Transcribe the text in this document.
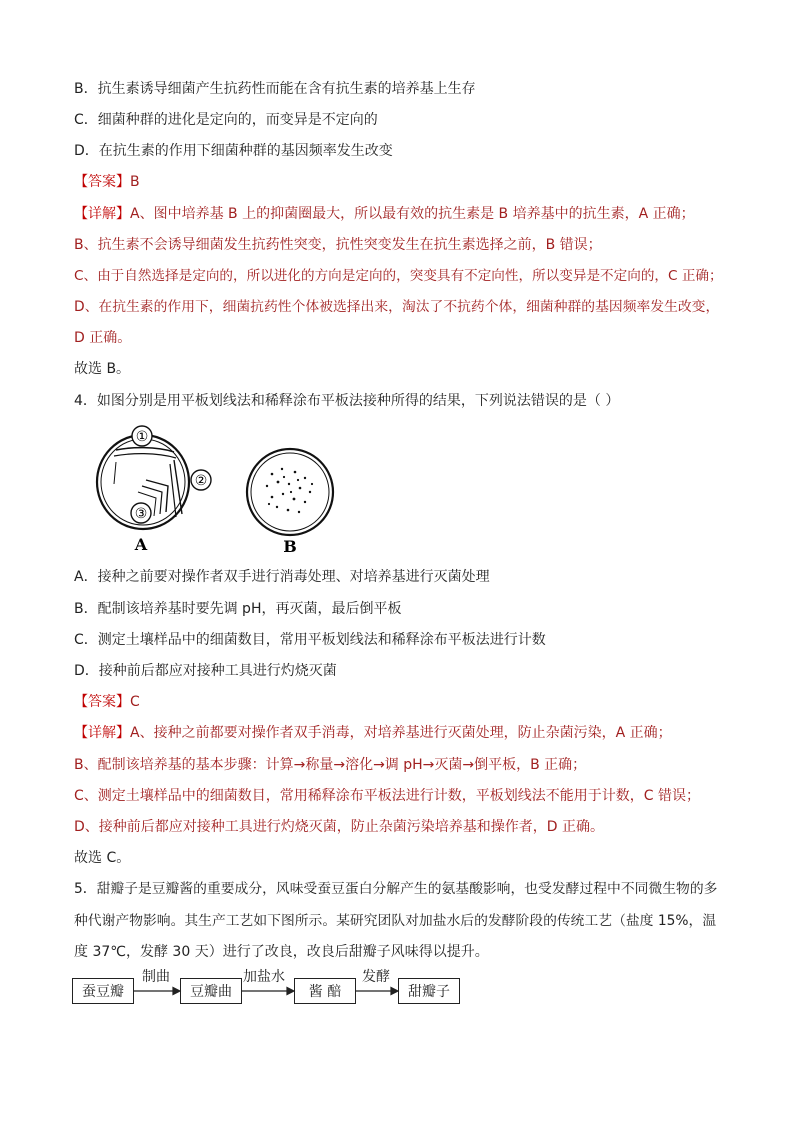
B．抗生素诱导细菌产生抗药性而能在含有抗生素的培养基上生存
C．细菌种群的进化是定向的，而变异是不定向的
D．在抗生素的作用下细菌种群的基因频率发生改变
【答案】B
【详解】A、图中培养基 B 上的抑菌圈最大，所以最有效的抗生素是 B 培养基中的抗生素，A 正确；
B、抗生素不会诱导细菌发生抗药性突变，抗性突变发生在抗生素选择之前，B 错误；
C、由于自然选择是定向的，所以进化的方向是定向的，突变具有不定向性，所以变异是不定向的，C 正确；
D、在抗生素的作用下，细菌抗药性个体被选择出来，淘汰了不抗药个体，细菌种群的基因频率发生改变，
D 正确。
故选 B。
4．如图分别是用平板划线法和稀释涂布平板法接种所得的结果，下列说法错误的是（ ）
①
②
③
A	B
A．接种之前要对操作者双手进行消毒处理、对培养基进行灭菌处理
B．配制该培养基时要先调 pH，再灭菌，最后倒平板
C．测定土壤样品中的细菌数目，常用平板划线法和稀释涂布平板法进行计数
D．接种前后都应对接种工具进行灼烧灭菌
【答案】C
【详解】A、接种之前都要对操作者双手消毒，对培养基进行灭菌处理，防止杂菌污染，A 正确；
B、配制该培养基的基本步骤：计算→称量→溶化→调 pH→灭菌→倒平板，B 正确；
C、测定土壤样品中的细菌数目，常用稀释涂布平板法进行计数，平板划线法不能用于计数，C 错误；
D、接种前后都应对接种工具进行灼烧灭菌，防止杂菌污染培养基和操作者，D 正确。
故选 C。
5．甜瓣子是豆瓣酱的重要成分，风味受蚕豆蛋白分解产生的氨基酸影响，也受发酵过程中不同微生物的多
种代谢产物影响。其生产工艺如下图所示。某研究团队对加盐水后的发酵阶段的传统工艺（盐度 15%，温
度 37℃，发酵 30 天）进行了改良，改良后甜瓣子风味得以提升。
蚕豆瓣
制曲
豆瓣曲
加盐水
酱 醅
发酵
甜瓣子
